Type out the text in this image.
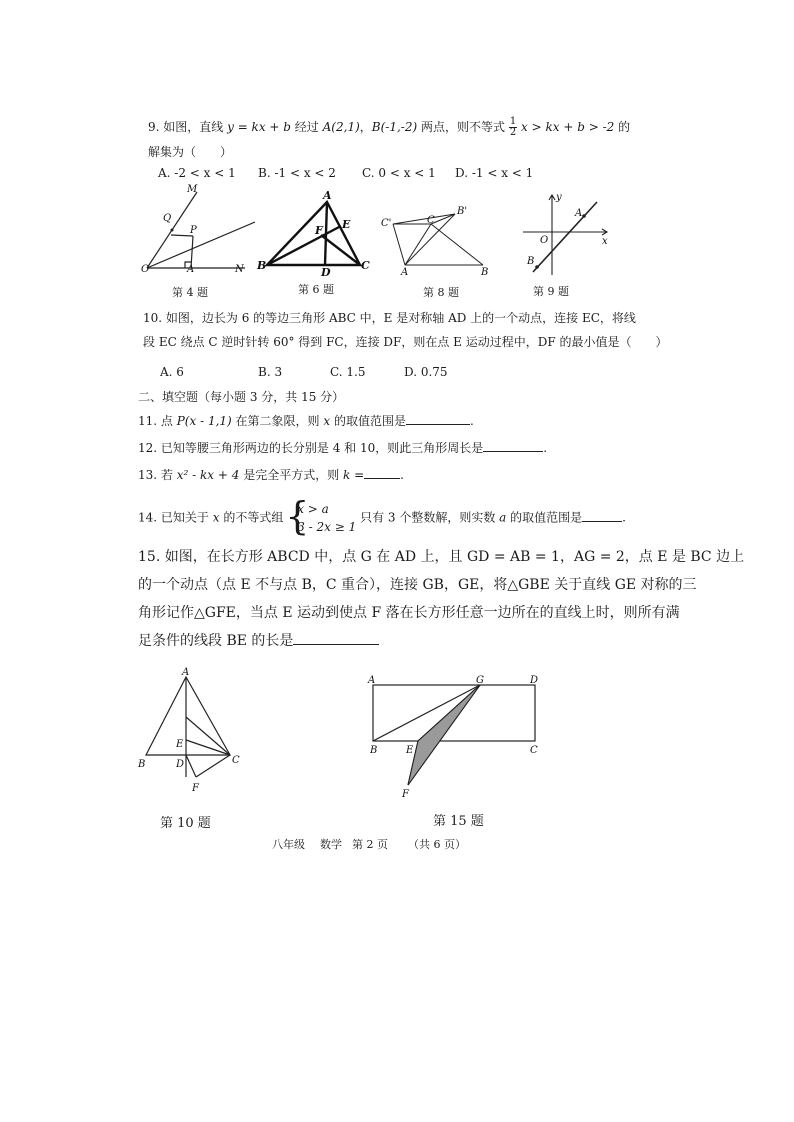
9. 如图，直线 y = kx + b 经过 A(2,1)，B(-1,-2) 两点，则不等式 $\frac{1}{2}$ x > kx + b > -2 的
解集为（　　）
A. -2 < x < 1 B. -1 < x < 2 C. 0 < x < 1 D. -1 < x < 1
M
Q
P
O	A	N
A
F E
B
D
C
C'
B'
C
A	B
y
A
O	x
B
第 4 题	第 6 题	第 8 题	第 9 题
10. 如图，边长为 6 的等边三角形 ABC 中，E 是对称轴 AD 上的一个动点，连接 EC，将线
段 EC 绕点 C 逆时针转 60° 得到 FC，连接 DF，则在点 E 运动过程中，DF 的最小值是（　　）
A. 6	B. 3	C. 1.5	D. 0.75
二、填空题（每小题 3 分，共 15 分）
11. 点 P(x - 1,1) 在第二象限，则 x 的取值范围是	.
12. 已知等腰三角形两边的长分别是 4 和 10，则此三角形周长是	.
13. 若 x² - kx + 4 是完全平方式，则 k =	.
14. 已知关于 x 的不等式组
{ x > a
3 - 2x ≥ 1
只有 3 个整数解，则实数 a 的取值范围是	.
15. 如图，在长方形 ABCD 中，点 G 在 AD 上，且 GD = AB = 1，AG = 2，点 E 是 BC 边上
的一个动点（点 E 不与点 B，C 重合），连接 GB，GE，将△GBE 关于直线 GE 对称的三
角形记作△GFE，当点 E 运动到使点 F 落在长方形任意一边所在的直线上时，则所有满
足条件的线段 BE 的长是
A
E
B	D	C
F
A	G	D
B	E	C
F
第 10 题	第 15 题
八年级 数学 第 2 页 （共 6 页）
